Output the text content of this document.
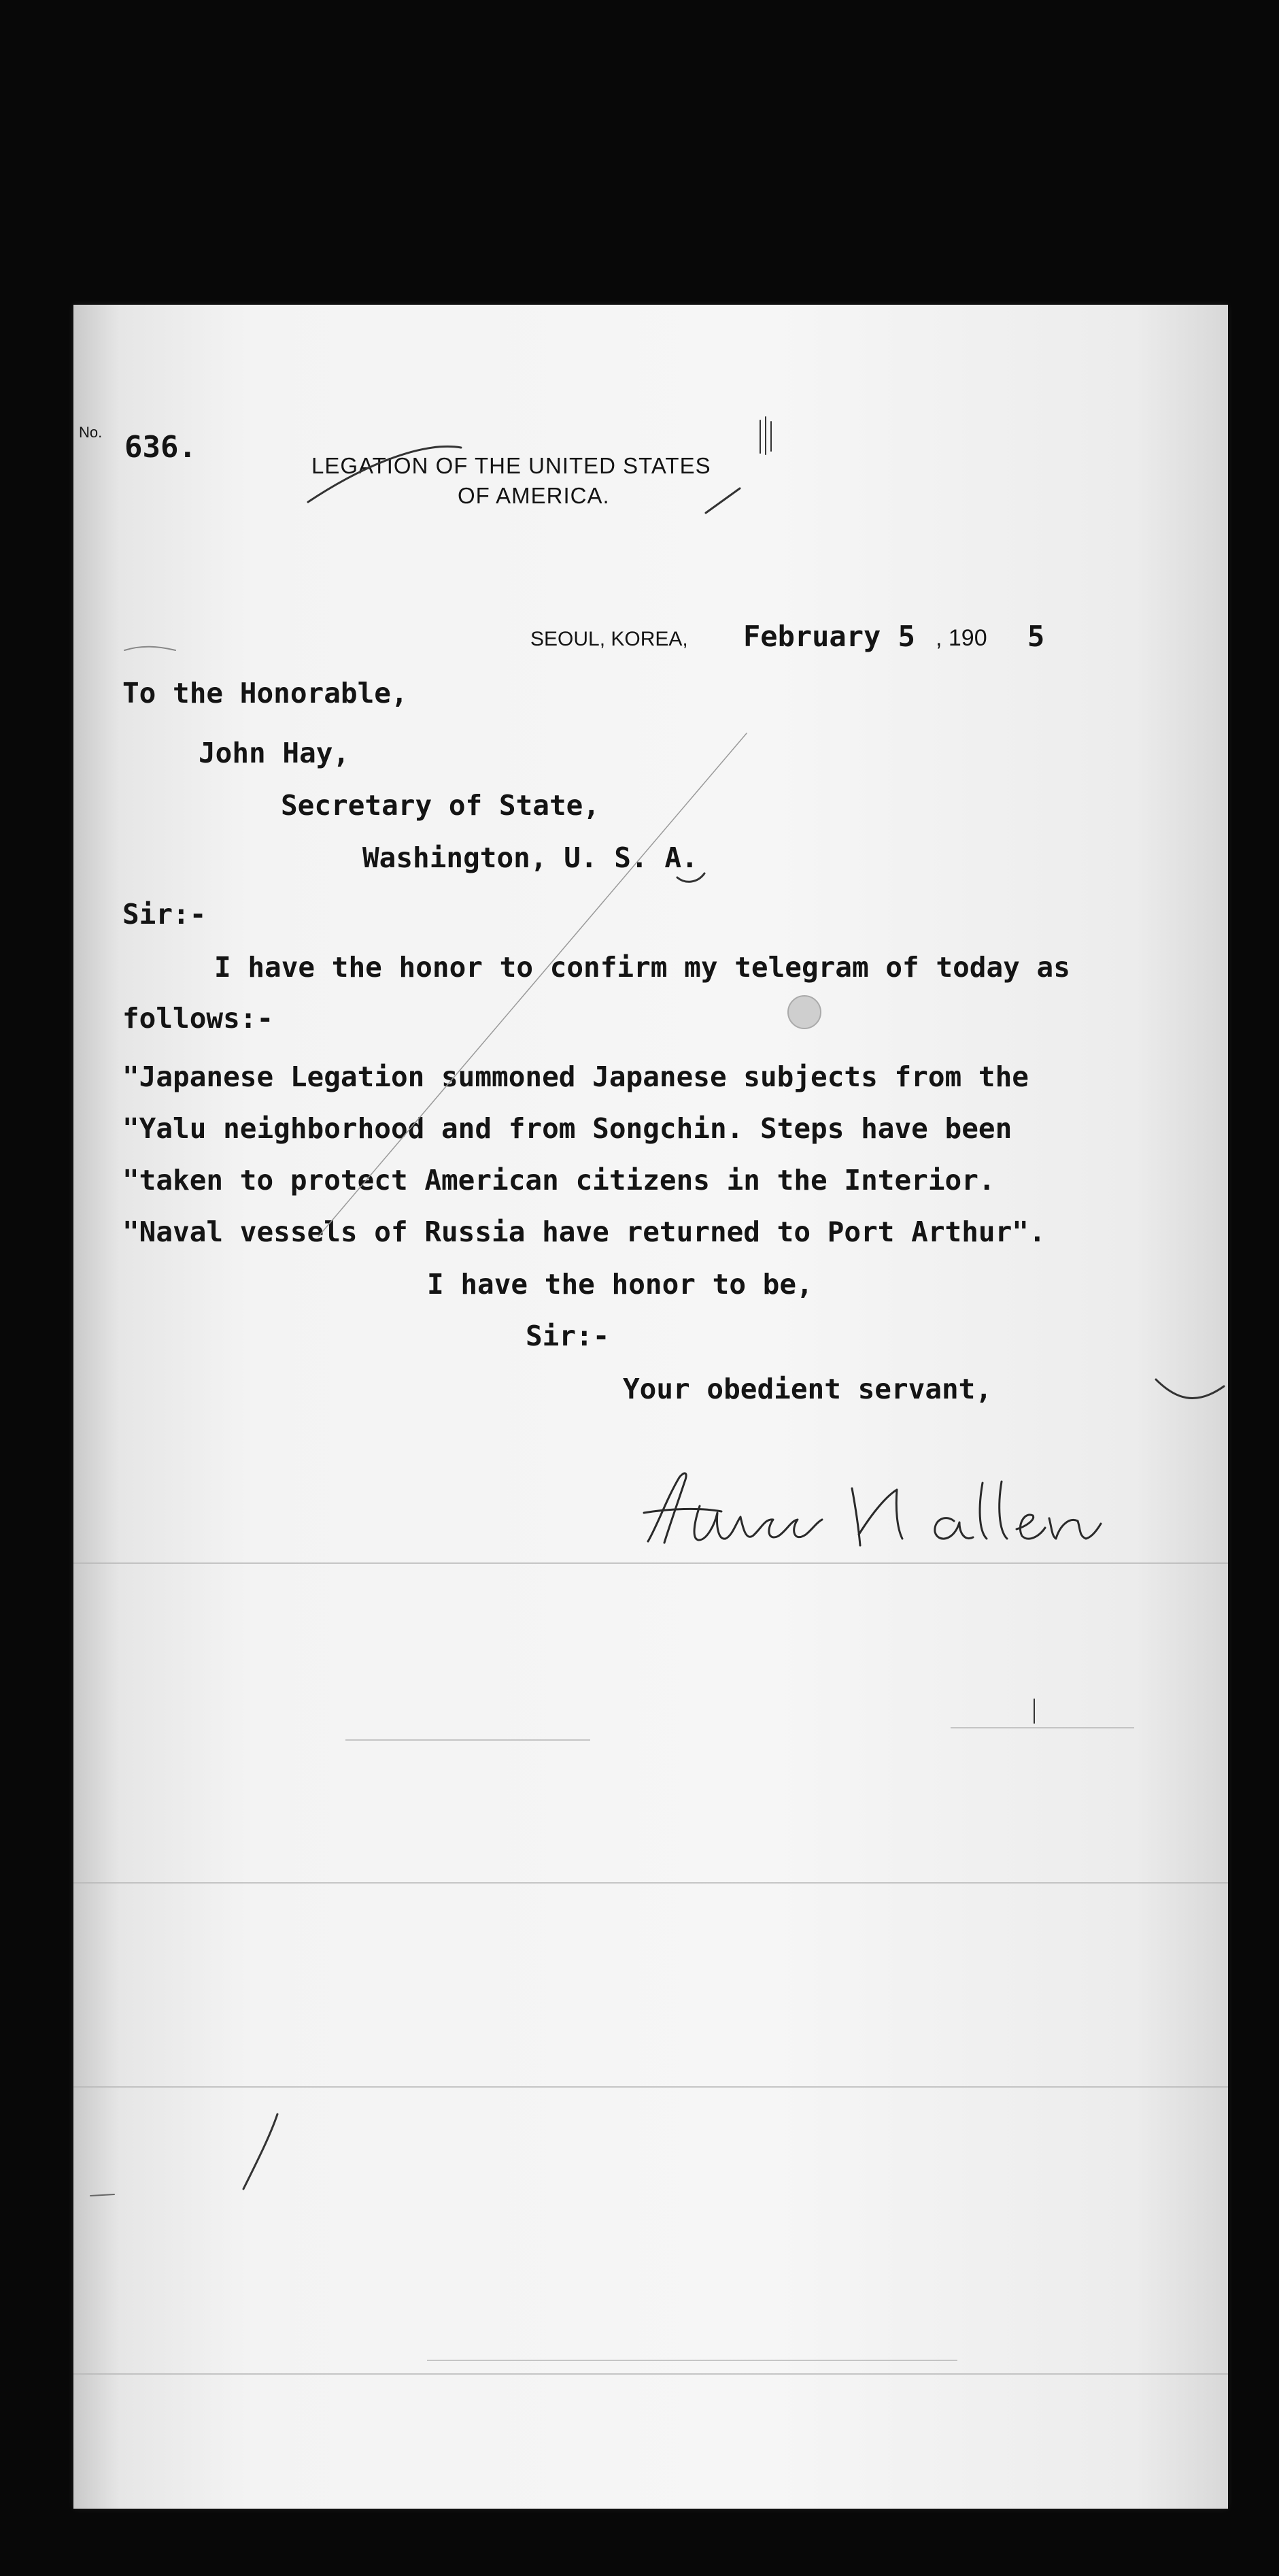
No. 636.
LEGATION OF THE UNITED STATES
OF AMERICA.
SEOUL, KOREA, February 5 , 190 5
To the Honorable,
John Hay,
Secretary of State,
Washington, U. S. A.
Sir:-
I have the honor to confirm my telegram of today as
follows:-
"Japanese Legation summoned Japanese subjects from the
"Yalu neighborhood and from Songchin. Steps have been
"taken to protect American citizens in the Interior.
"Naval vessels of Russia have returned to Port Arthur".
I have the honor to be,
Sir:-
Your obedient servant,
